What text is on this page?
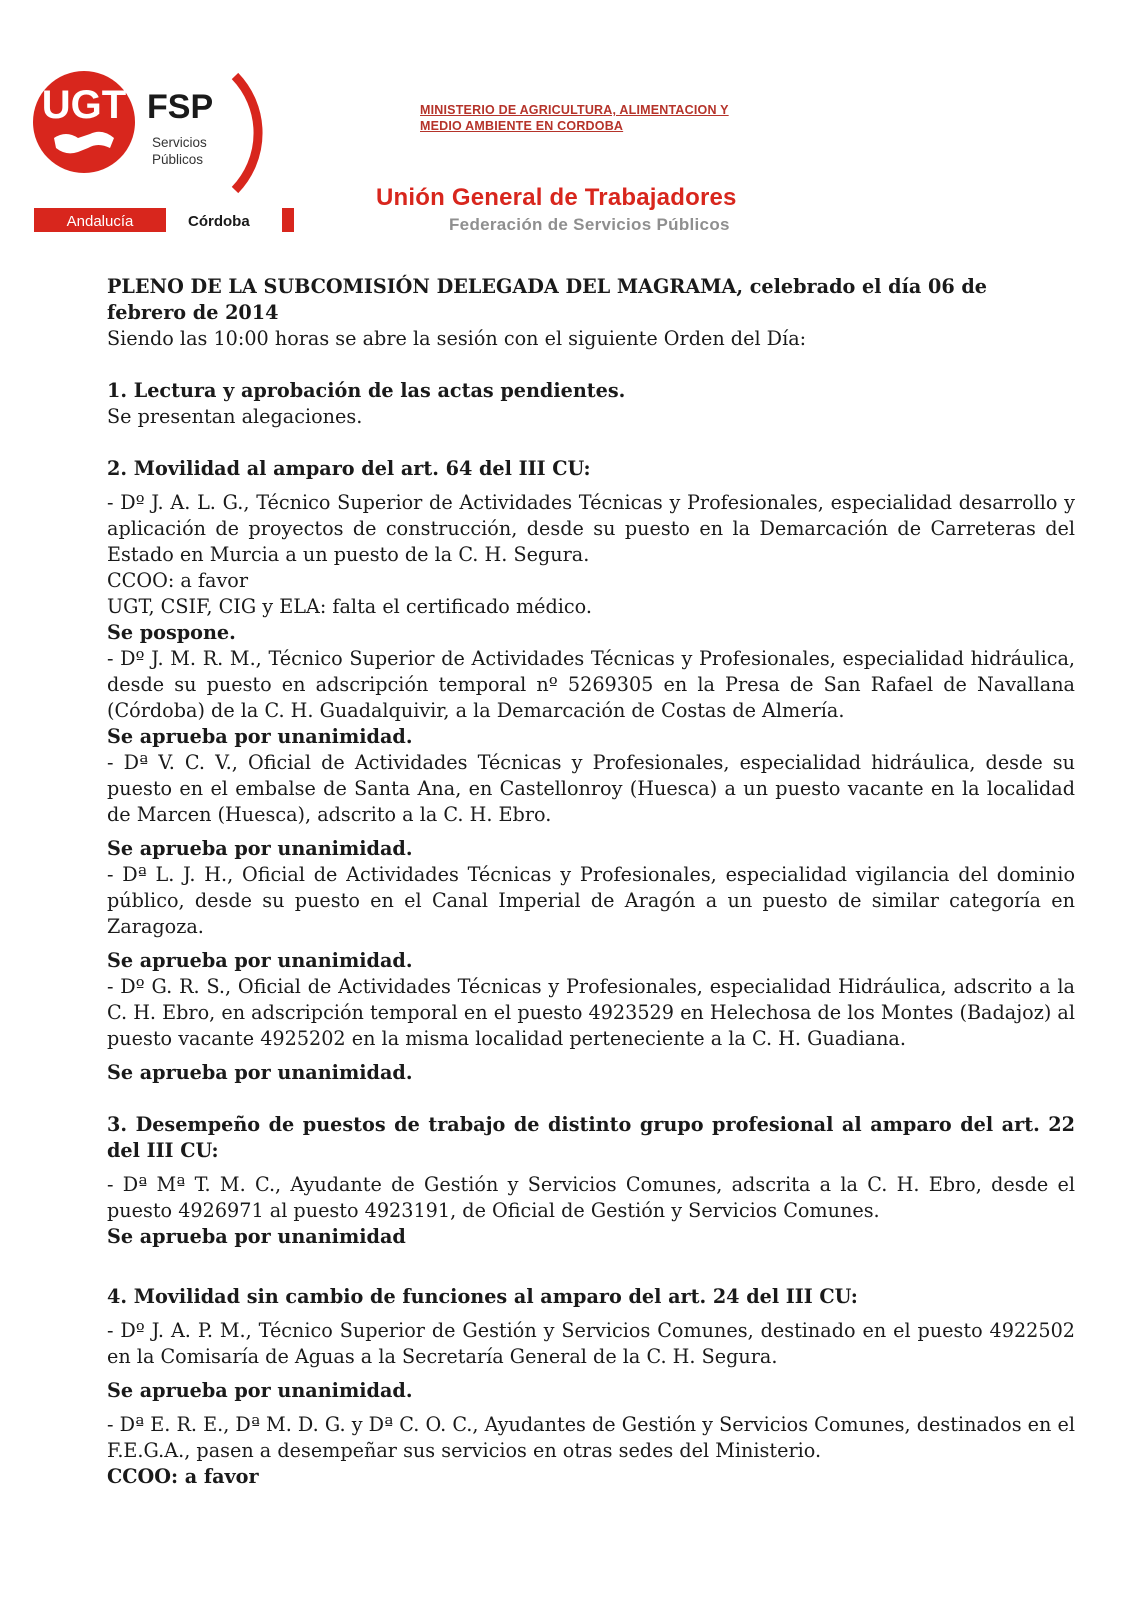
UGT FSP
Servicios
Públicos
Andalucía	Córdoba
MINISTERIO DE AGRICULTURA, ALIMENTACION Y
MEDIO AMBIENTE EN CORDOBA
Unión General de Trabajadores
Federación de Servicios Públicos

PLENO DE LA SUBCOMISIÓN DELEGADA DEL MAGRAMA, celebrado el día 06 de

febrero de 2014

Siendo las 10:00 horas se abre la sesión con el siguiente Orden del Día:

1. Lectura y aprobación de las actas pendientes.

Se presentan alegaciones.

2. Movilidad al amparo del art. 64 del III CU:

- Dº J. A. L. G., Técnico Superior de Actividades Técnicas y Profesionales, especialidad desarrollo y aplicación de proyectos de construcción, desde su puesto en la Demarcación de Carreteras del Estado en Murcia a un puesto de la C. H. Segura.

CCOO: a favor

UGT, CSIF, CIG y ELA: falta el certificado médico.

Se pospone.

- Dº J. M. R. M., Técnico Superior de Actividades Técnicas y Profesionales, especialidad hidráulica, desde su puesto en adscripción temporal nº 5269305 en la Presa de San Rafael de Navallana (Córdoba) de la C. H. Guadalquivir, a la Demarcación de Costas de Almería.

Se aprueba por unanimidad.

- Dª V. C. V., Oficial de Actividades Técnicas y Profesionales, especialidad hidráulica, desde su puesto en el embalse de Santa Ana, en Castellonroy (Huesca) a un puesto vacante en la localidad de Marcen (Huesca), adscrito a la C. H. Ebro.

Se aprueba por unanimidad.

- Dª L. J. H., Oficial de Actividades Técnicas y Profesionales, especialidad vigilancia del dominio público, desde su puesto en el Canal Imperial de Aragón a un puesto de similar categoría en Zaragoza.

Se aprueba por unanimidad.

- Dº G. R. S., Oficial de Actividades Técnicas y Profesionales, especialidad Hidráulica, adscrito a la C. H. Ebro, en adscripción temporal en el puesto 4923529 en Helechosa de los Montes (Badajoz) al puesto vacante 4925202 en la misma localidad perteneciente a la C. H. Guadiana.

Se aprueba por unanimidad.

3. Desempeño de puestos de trabajo de distinto grupo profesional al amparo del art. 22 del III CU:

- Dª Mª T. M. C., Ayudante de Gestión y Servicios Comunes, adscrita a la C. H. Ebro, desde el puesto 4926971 al puesto 4923191, de Oficial de Gestión y Servicios Comunes.

Se aprueba por unanimidad

4. Movilidad sin cambio de funciones al amparo del art. 24 del III CU:

- Dº J. A. P. M., Técnico Superior de Gestión y Servicios Comunes, destinado en el puesto 4922502 en la Comisaría de Aguas a la Secretaría General de la C. H. Segura.

Se aprueba por unanimidad.

- Dª E. R. E., Dª M. D. G. y Dª C. O. C., Ayudantes de Gestión y Servicios Comunes, destinados en el F.E.G.A., pasen a desempeñar sus servicios en otras sedes del Ministerio.

CCOO: a favor
